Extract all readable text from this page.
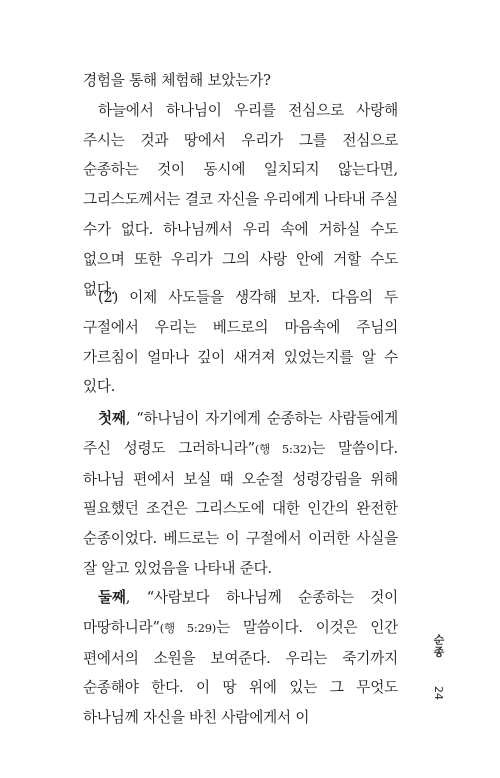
경험을 통해 체험해 보았는가?

하늘에서 하나님이 우리를 전심으로 사랑해 주시는 것과 땅에서 우리가 그를 전심으로 순종하는 것이 동시에 일치되지 않는다면, 그리스도께서는 결코 자신을 우리에게 나타내 주실 수가 없다. 하나님께서 우리 속에 거하실 수도 없으며 또한 우리가 그의 사랑 안에 거할 수도 없다.

(2) 이제 사도들을 생각해 보자. 다음의 두 구절에서 우리는 베드로의 마음속에 주님의 가르침이 얼마나 깊이 새겨져 있었는지를 알 수 있다.

첫째, “하나님이 자기에게 순종하는 사람들에게 주신 성령도 그러하니라”(행 5:32)는 말씀이다. 하나님 편에서 보실 때 오순절 성령강림을 위해 필요했던 조건은 그리스도에 대한 인간의 완전한 순종이었다. 베드로는 이 구절에서 이러한 사실을 잘 알고 있었음을 나타내 준다.

둘째, “사람보다 하나님께 순종하는 것이 마땅하니라”(행 5:29)는 말씀이다. 이것은 인간 편에서의 소원을 보여준다. 우리는 죽기까지 순종해야 한다. 이 땅 위에 있는 그 무엇도 하나님께 자신을 바친 사람에게서 이

순종
24
